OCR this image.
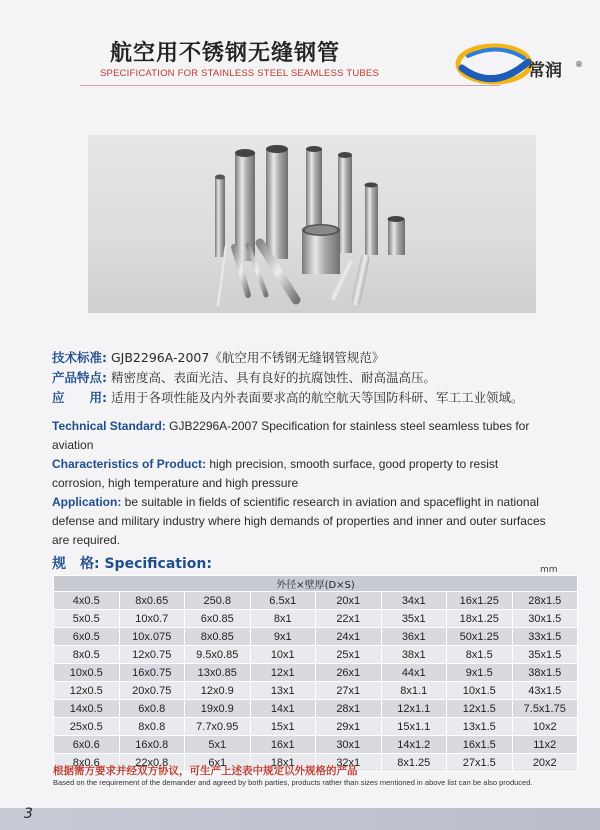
航空用不锈钢无缝钢管
SPECIFICATION FOR STAINLESS STEEL SEAMLESS TUBES	常润 ®
技术标准: GJB2296A-2007《航空用不锈钢无缝钢管规范》
产品特点: 精密度高、表面光洁、具有良好的抗腐蚀性、耐高温高压。
应　　用: 适用于各项性能及内外表面要求高的航空航天等国防科研、军工工业领域。

Technical Standard: GJB2296A-2007 Specification for stainless steel seamless tubes for aviation

Characteristics of Product: high precision, smooth surface, good property to resist corrosion, high temperature and high pressure

Application: be suitable in fields of scientific research in aviation and spaceflight in national defense and military industry where high demands of properties and inner and outer surfaces are required.

规　格: Specification:	mm
外径×壁厚(D×S)							
4x0.5	8x0.65	250.8	6.5x1	20x1	34x1	16x1.25	28x1.5
5x0.5	10x0.7	6x0.85	8x1	22x1	35x1	18x1.25	30x1.5
6x0.5	10x.075	8x0.85	9x1	24x1	36x1	50x1.25	33x1.5
8x0.5	12x0.75	9.5x0.85	10x1	25x1	38x1	8x1.5	35x1.5
10x0.5	16x0.75	13x0.85	12x1	26x1	44x1	9x1.5	38x1.5
12x0.5	20x0.75	12x0.9	13x1	27x1	8x1.1	10x1.5	43x1.5
14x0.5	6x0.8	19x0.9	14x1	28x1	12x1.1	12x1.5	7.5x1.75
25x0.5	8x0.8	7.7x0.95	15x1	29x1	15x1.1	13x1.5	10x2
6x0.6	16x0.8	5x1	16x1	30x1	14x1.2	16x1.5	11x2
8x0.6	22x0.8	6x1	18x1	32x1	8x1.25	27x1.5	20x2
根据需方要求并经双方协议，可生产上述表中规定以外规格的产品
Based on the requirement of the demander and agreed by both parties, products rather than sizes mentioned in above list can be also produced.
3
